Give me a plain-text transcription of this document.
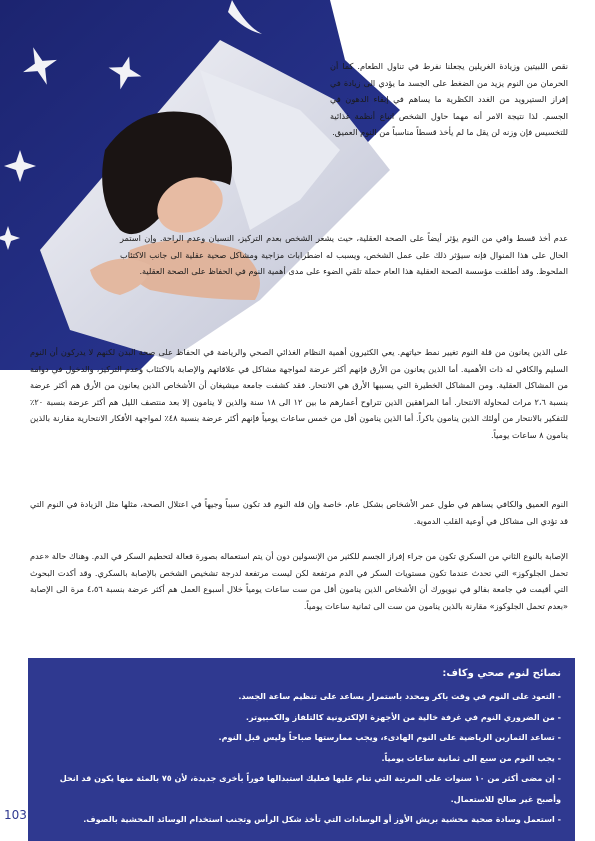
نقص اللبيتين وزيادة الغريلين يجعلنا نفرط في تناول الطعام. كما أن الحرمان من النوم يزيد من الضغط على الجسد ما يؤدي الى زيادة في إفراز الستيرويد من الغدد الكظرية ما يساهم في إبقاء الدهون في الجسم. لذا نتيجة الامر أنه مهما حاول الشخص اتباع أنظمة غذائية للتخسيس فإن وزنه لن يقل ما لم يأخذ قسطاً مناسباً من النوم العميق.
عدم أخذ قسط وافي من النوم يؤثر أيضاً على الصحة العقلية، حيث يشعر الشخص بعدم التركيز، النسيان وعدم الراحة. وإن استمر الحال على هذا المنوال فإنه سيؤثر ذلك على عمل الشخص، ويسبب له اضطرابات مزاجية ومشاكل صحية عقلية الى جانب الاكتئاب الملحوظ. وقد أطلقت مؤسسة الصحة العقلية هذا العام حملة تلقي الضوء على مدى أهمية النوم في الحفاظ على الصحة العقلية.
على الذين يعانون من قلة النوم تغيير نمط حياتهم. يعي الكثيرون أهمية النظام الغذائي الصحي والرياضة في الحفاظ على صحة البدن لكنهم لا يدركون أن النوم السليم والكافي له ذات الأهمية. أما الذين يعانون من الأرق فإنهم أكثر عرضة لمواجهة مشاكل في علاقاتهم والإصابة بالاكتئاب وعدم التركيز، والدخول في دوامة من المشاكل العقلية. ومن المشاكل الخطيرة التي يسببها الأرق هي الانتحار. فقد كشفت جامعة ميشيغان أن الأشخاص الذين يعانون من الأرق هم أكثر عرضة بنسبة ٢،٦ مرات لمحاولة الانتحار. أما المراهقين الذين تتراوح أعمارهم ما بين ١٢ الى ١٨ سنة والذين لا ينامون إلا بعد منتصف الليل هم أكثر عرضة بنسبة ٢٠٪ للتفكير بالانتحار من أولئك الذين ينامون باكراً. أما الذين ينامون أقل من خمس ساعات يومياً فإنهم أكثر عرضة بنسبة ٤٨٪ لمواجهة الأفكار الانتحارية مقارنة بالذين ينامون ٨ ساعات يومياً.
النوم العميق والكافي يساهم في طول عمر الأشخاص بشكل عام، خاصة وإن قلة النوم قد تكون سبباً وجيهاً في اعتلال الصحة، مثلها مثل الزيادة في النوم التي قد تؤدي الى مشاكل في أوعية القلب الدموية.
الإصابة بالنوع الثاني من السكري تكون من جراء إفراز الجسم للكثير من الإنسولين دون أن يتم استعماله بصورة فعالة لتحطيم السكر في الدم. وهناك حالة «عدم تحمل الجلوكوز» التي تحدث عندما تكون مستويات السكر في الدم مرتفعة لكن ليست مرتفعة لدرجة تشخيص الشخص بالإصابة بالسكري. وقد أكدت البحوث التي أقيمت في جامعة بفالو في نيويورك أن الأشخاص الذين ينامون أقل من ست ساعات يومياً خلال أسبوع العمل هم أكثر عرضة بنسبة ٤،٥٦ مرة الى الإصابة «بعدم تحمل الجلوكوز» مقارنة بالذين ينامون من ست الى ثمانية ساعات يومياً.
نصائح لنوم صحي وكاف:
- التعود على النوم في وقت باكر ومحدد باستمرار يساعد على تنظيم ساعة الجسد.
- من الضروري النوم في غرفة خالية من الأجهزة الإلكترونية كالتلفاز والكمبيوتر.
- تساعد التمارين الرياضية على النوم الهادىء، ويجب ممارستها صباحاً وليس قبل النوم.
- يجب النوم من سبع الى ثمانية ساعات يومياً.
- إن مضى أكثر من ١٠ سنوات على المرتبة التي تنام عليها فعليك استبدالها فوراً بأخرى جديدة، لأن ٧٥ بالمئة منها يكون قد انحل
وأصبح غير صالح للاستعمال.
- استعمل وسادة صحية محشية بريش الأوز أو الوسادات التي تأخذ شكل الرأس وتجنب استخدام الوسائد المحشية بالصوف.
103
